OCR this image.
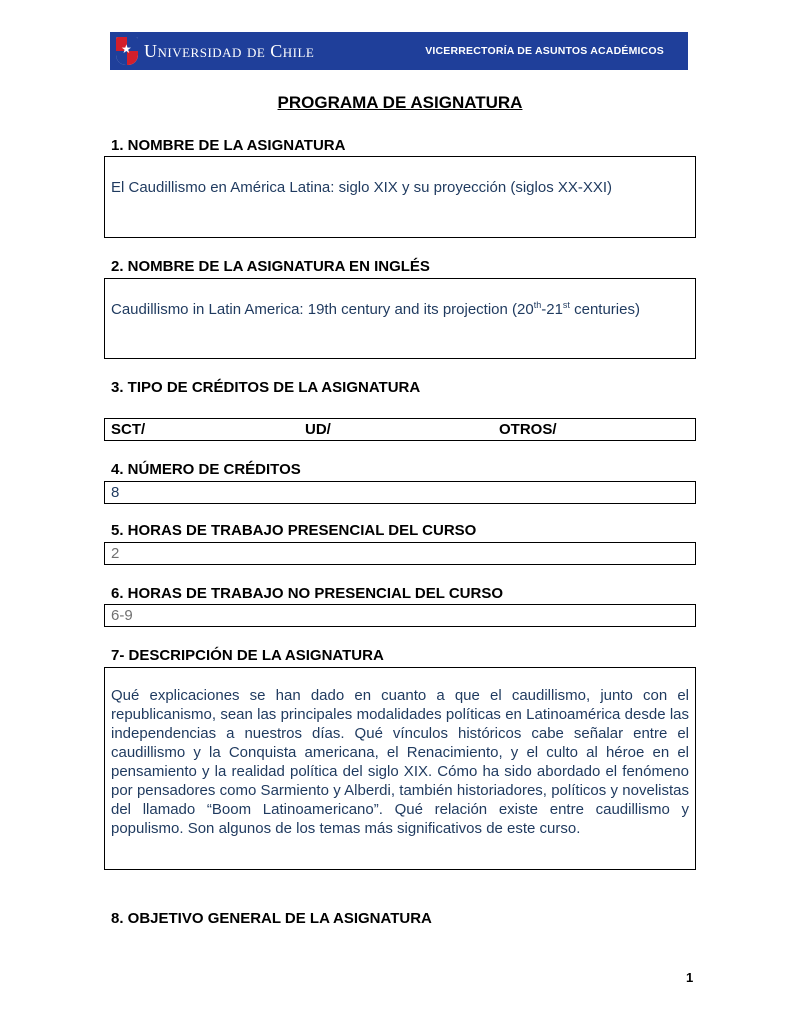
★ Universidad de Chile	VICERRECTORÍA DE ASUNTOS ACADÉMICOS
PROGRAMA DE ASIGNATURA
1. NOMBRE DE LA ASIGNATURA
El Caudillismo en América Latina: siglo XIX y su proyección (siglos XX-XXI)
2. NOMBRE DE LA ASIGNATURA EN INGLÉS
Caudillismo in Latin America: 19th century and its projection (20th-21st centuries)
3. TIPO DE CRÉDITOS DE LA ASIGNATURA
SCT/	UD/	OTROS/
4. NÚMERO DE CRÉDITOS
8
5. HORAS DE TRABAJO PRESENCIAL DEL CURSO
2
6. HORAS DE TRABAJO NO PRESENCIAL DEL CURSO
6-9
7- DESCRIPCIÓN DE LA ASIGNATURA
Qué explicaciones se han dado en cuanto a que el caudillismo, junto con el republicanismo, sean las principales modalidades políticas en Latinoamérica desde las independencias a nuestros días. Qué vínculos históricos cabe señalar entre el caudillismo y la Conquista americana, el Renacimiento, y el culto al héroe en el pensamiento y la realidad política del siglo XIX. Cómo ha sido abordado el fenómeno por pensadores como Sarmiento y Alberdi, también historiadores, políticos y novelistas del llamado “Boom Latinoamericano”. Qué relación existe entre caudillismo y populismo. Son algunos de los temas más significativos de este curso.
8. OBJETIVO GENERAL DE LA ASIGNATURA
1
